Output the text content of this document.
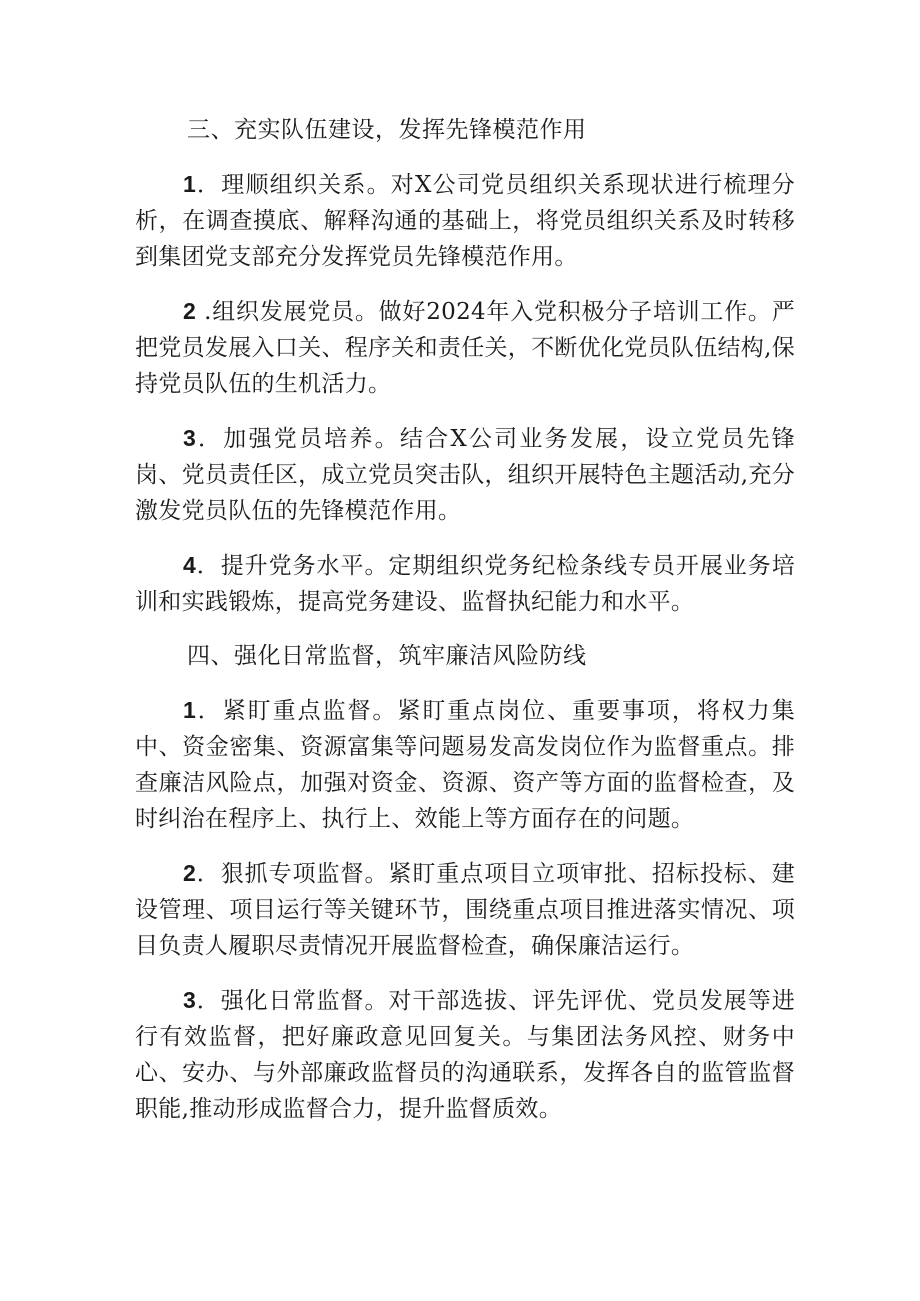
三、充实队伍建设，发挥先锋模范作用

1．理顺组织关系。对X公司党员组织关系现状进行梳理分析，在调查摸底、解释沟通的基础上，将党员组织关系及时转移到集团党支部充分发挥党员先锋模范作用。

2 .组织发展党员。做好2024年入党积极分子培训工作。严把党员发展入口关、程序关和责任关，不断优化党员队伍结构,保持党员队伍的生机活力。

3．加强党员培养。结合X公司业务发展，设立党员先锋岗、党员责任区，成立党员突击队，组织开展特色主题活动,充分激发党员队伍的先锋模范作用。

4．提升党务水平。定期组织党务纪检条线专员开展业务培训和实践锻炼，提高党务建设、监督执纪能力和水平。

四、强化日常监督，筑牢廉洁风险防线

1．紧盯重点监督。紧盯重点岗位、重要事项，将权力集中、资金密集、资源富集等问题易发高发岗位作为监督重点。排查廉洁风险点，加强对资金、资源、资产等方面的监督检查，及时纠治在程序上、执行上、效能上等方面存在的问题。

2．狠抓专项监督。紧盯重点项目立项审批、招标投标、建设管理、项目运行等关键环节，围绕重点项目推进落实情况、项目负责人履职尽责情况开展监督检查，确保廉洁运行。

3．强化日常监督。对干部选拔、评先评优、党员发展等进行有效监督，把好廉政意见回复关。与集团法务风控、财务中心、安办、与外部廉政监督员的沟通联系，发挥各自的监管监督职能,推动形成监督合力，提升监督质效。
